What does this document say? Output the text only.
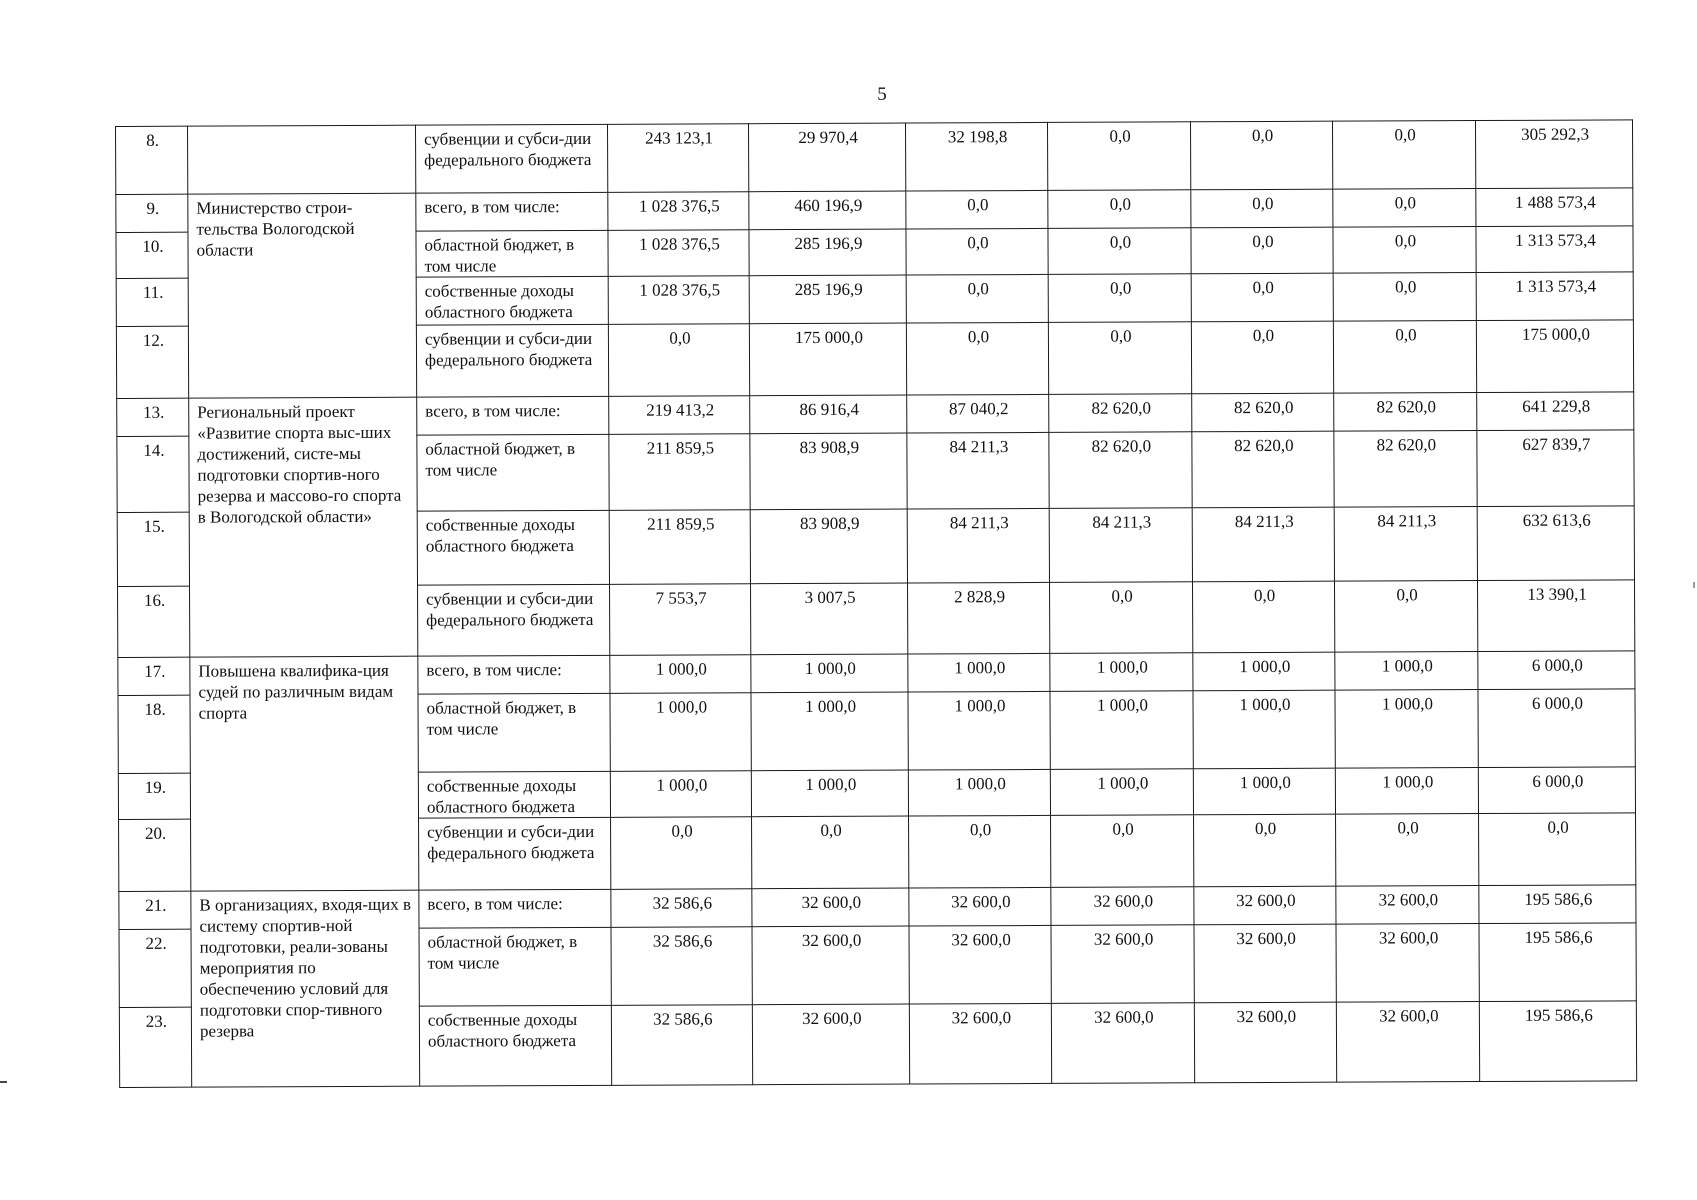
5
8.		субвенции и субси-дии федерального бюджета	243 123,1	29 970,4	32 198,8	0,0	0,0	0,0	305 292,3
9.	Министерство строи-тельства Вологодской области	всего, в том числе:	1 028 376,5	460 196,9	0,0	0,0	0,0	0,0	1 488 573,4
10.		областной бюджет, в том числе	1 028 376,5	285 196,9	0,0	0,0	0,0	0,0	1 313 573,4
11.		собственные доходы областного бюджета	1 028 376,5	285 196,9	0,0	0,0	0,0	0,0	1 313 573,4
12.		субвенции и субси-дии федерального бюджета	0,0	175 000,0	0,0	0,0	0,0	0,0	175 000,0
13.	Региональный проект «Развитие спорта выс-ших достижений, систе-мы подготовки спортив-ного резерва и массово-го спорта в Вологодской области»	всего, в том числе:	219 413,2	86 916,4	87 040,2	82 620,0	82 620,0	82 620,0	641 229,8
14.		областной бюджет, в том числе	211 859,5	83 908,9	84 211,3	82 620,0	82 620,0	82 620,0	627 839,7
15.		собственные доходы областного бюджета	211 859,5	83 908,9	84 211,3	84 211,3	84 211,3	84 211,3	632 613,6
16.		субвенции и субси-дии федерального бюджета	7 553,7	3 007,5	2 828,9	0,0	0,0	0,0	13 390,1
17.	Повышена квалифика-ция судей по различным видам спорта	всего, в том числе:	1 000,0	1 000,0	1 000,0	1 000,0	1 000,0	1 000,0	6 000,0
18.		областной бюджет, в том числе	1 000,0	1 000,0	1 000,0	1 000,0	1 000,0	1 000,0	6 000,0
19.		собственные доходы областного бюджета	1 000,0	1 000,0	1 000,0	1 000,0	1 000,0	1 000,0	6 000,0
20.		субвенции и субси-дии федерального бюджета	0,0	0,0	0,0	0,0	0,0	0,0	0,0
21.	В организациях, входя-щих в систему спортив-ной подготовки, реали-зованы мероприятия по обеспечению условий для подготовки спор-тивного резерва	всего, в том числе:	32 586,6	32 600,0	32 600,0	32 600,0	32 600,0	32 600,0	195 586,6
22.		областной бюджет, в том числе	32 586,6	32 600,0	32 600,0	32 600,0	32 600,0	32 600,0	195 586,6
23.		собственные доходы областного бюджета	32 586,6	32 600,0	32 600,0	32 600,0	32 600,0	32 600,0	195 586,6
